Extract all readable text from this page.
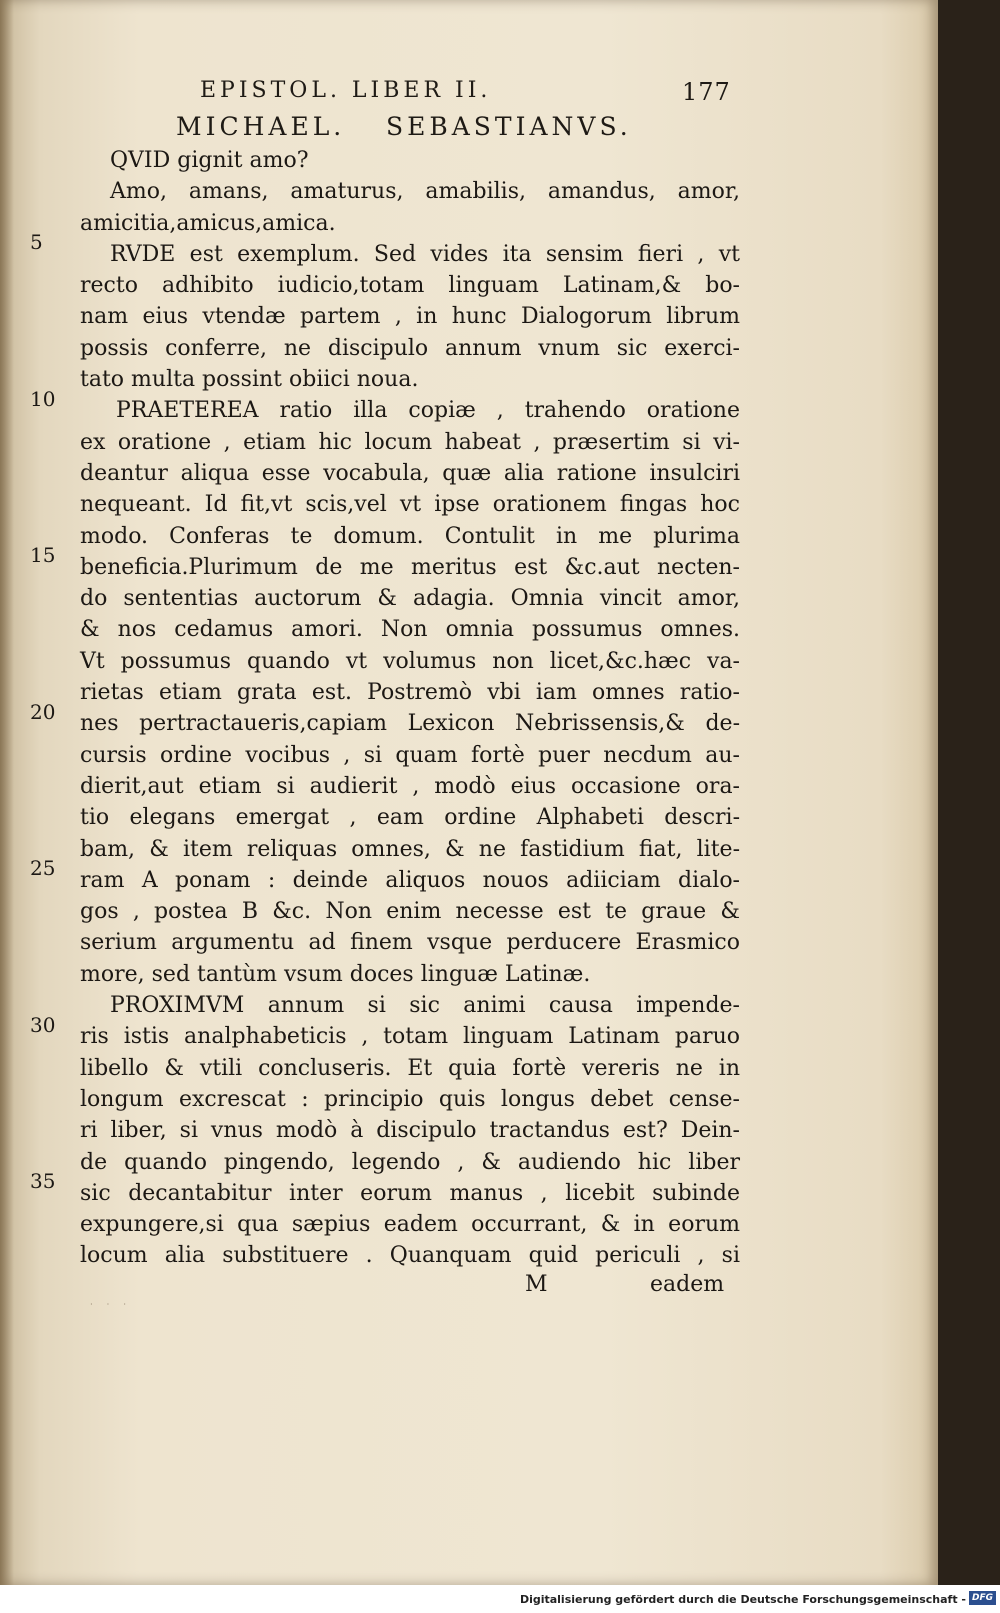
EPISTOL. LIBER II.	177
MICHAEL. SEBASTIANVS.
5
10
15
20
25
30
35
QVID gignit amo?
Amo, amans, amaturus, amabilis, amandus, amor,
amicitia,amicus,amica.
RVDE est exemplum. Sed vides ita sensim fieri , vt
recto adhibito iudicio,totam linguam Latinam,& bo-
nam eius vtendæ partem , in hunc Dialogorum librum
possis conferre, ne discipulo annum vnum sic exerci-
tato multa possint obiici noua.
PRAETEREA ratio illa copiæ , trahendo oratione
ex oratione , etiam hic locum habeat , præsertim si vi-
deantur aliqua esse vocabula, quæ alia ratione insulciri
nequeant. Id fit,vt scis,vel vt ipse orationem fingas hoc
modo. Conferas te domum. Contulit in me plurima
beneficia.Plurimum de me meritus est &c.aut necten-
do sententias auctorum & adagia. Omnia vincit amor,
& nos cedamus amori. Non omnia possumus omnes.
Vt possumus quando vt volumus non licet,&c.hæc va-
rietas etiam grata est. Postremò vbi iam omnes ratio-
nes pertractaueris,capiam Lexicon Nebrissensis,& de-
cursis ordine vocibus , si quam fortè puer necdum au-
dierit,aut etiam si audierit , modò eius occasione ora-
tio elegans emergat , eam ordine Alphabeti descri-
bam, & item reliquas omnes, & ne fastidium fiat, lite-
ram A ponam : deinde aliquos nouos adiiciam dialo-
gos , postea B &c. Non enim necesse est te graue &
serium argumentu ad finem vsque perducere Erasmico
more, sed tantùm vsum doces linguæ Latinæ.
PROXIMVM annum si sic animi causa impende-
ris istis analphabeticis , totam linguam Latinam paruo
libello & vtili concluseris. Et quia fortè vereris ne in
longum excrescat : principio quis longus debet cense-
ri liber, si vnus modò à discipulo tractandus est? Dein-
de quando pingendo, legendo , & audiendo hic liber
sic decantabitur inter eorum manus , licebit subinde
expungere,si qua sæpius eadem occurrant, & in eorum
locum alia substituere . Quanquam quid periculi , si
M	eadem
· · ·
Digitalisierung gefördert durch die Deutsche Forschungsgemeinschaft - DFG
